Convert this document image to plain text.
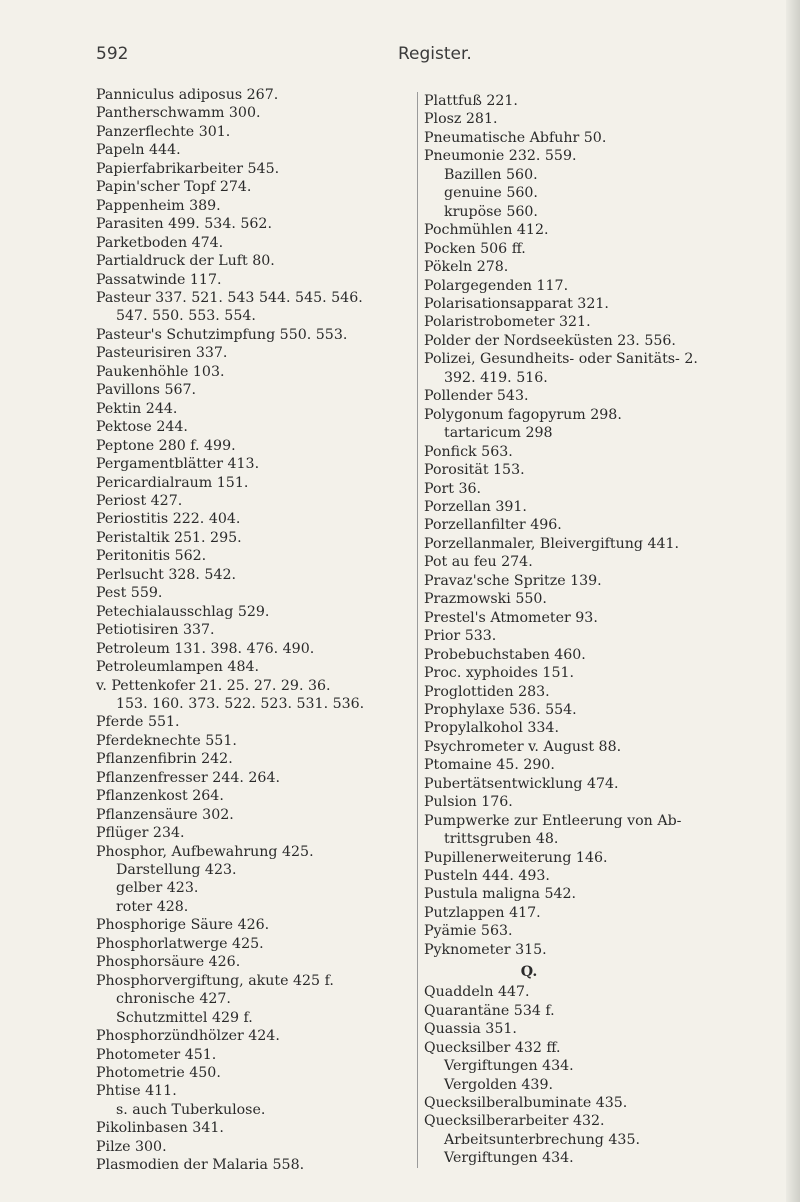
592	Register.
Panniculus adiposus 267.
Pantherschwamm 300.
Panzerflechte 301.
Papeln 444.
Papierfabrikarbeiter 545.
Papin'scher Topf 274.
Pappenheim 389.
Parasiten 499. 534. 562.
Parketboden 474.
Partialdruck der Luft 80.
Passatwinde 117.
Pasteur 337. 521. 543 544. 545. 546.
547. 550. 553. 554.
Pasteur's Schutzimpfung 550. 553.
Pasteurisiren 337.
Paukenhöhle 103.
Pavillons 567.
Pektin 244.
Pektose 244.
Peptone 280 f. 499.
Pergamentblätter 413.
Pericardialraum 151.
Periost 427.
Periostitis 222. 404.
Peristaltik 251. 295.
Peritonitis 562.
Perlsucht 328. 542.
Pest 559.
Petechialausschlag 529.
Petiotisiren 337.
Petroleum 131. 398. 476. 490.
Petroleumlampen 484.
v. Pettenkofer 21. 25. 27. 29. 36.
153. 160. 373. 522. 523. 531. 536.
Pferde 551.
Pferdeknechte 551.
Pflanzenfibrin 242.
Pflanzenfresser 244. 264.
Pflanzenkost 264.
Pflanzensäure 302.
Pflüger 234.
Phosphor, Aufbewahrung 425.
Darstellung 423.
gelber 423.
roter 428.
Phosphorige Säure 426.
Phosphorlatwerge 425.
Phosphorsäure 426.
Phosphorvergiftung, akute 425 f.
chronische 427.
Schutzmittel 429 f.
Phosphorzündhölzer 424.
Photometer 451.
Photometrie 450.
Phtise 411.
s. auch Tuberkulose.
Pikolinbasen 341.
Pilze 300.
Plasmodien der Malaria 558.
Plattfuß 221.
Plosz 281.
Pneumatische Abfuhr 50.
Pneumonie 232. 559.
Bazillen 560.
genuine 560.
krupöse 560.
Pochmühlen 412.
Pocken 506 ff.
Pökeln 278.
Polargegenden 117.
Polarisationsapparat 321.
Polaristrobometer 321.
Polder der Nordseeküsten 23. 556.
Polizei, Gesundheits- oder Sanitäts- 2.
392. 419. 516.
Pollender 543.
Polygonum fagopyrum 298.
tartaricum 298
Ponfick 563.
Porosität 153.
Port 36.
Porzellan 391.
Porzellanfilter 496.
Porzellanmaler, Bleivergiftung 441.
Pot au feu 274.
Pravaz'sche Spritze 139.
Prazmowski 550.
Prestel's Atmometer 93.
Prior 533.
Probebuchstaben 460.
Proc. xyphoides 151.
Proglottiden 283.
Prophylaxe 536. 554.
Propylalkohol 334.
Psychrometer v. August 88.
Ptomaine 45. 290.
Pubertätsentwicklung 474.
Pulsion 176.
Pumpwerke zur Entleerung von Ab-
trittsgruben 48.
Pupillenerweiterung 146.
Pusteln 444. 493.
Pustula maligna 542.
Putzlappen 417.
Pyämie 563.
Pyknometer 315.
Q.
Quaddeln 447.
Quarantäne 534 f.
Quassia 351.
Quecksilber 432 ff.
Vergiftungen 434.
Vergolden 439.
Quecksilberalbuminate 435.
Quecksilberarbeiter 432.
Arbeitsunterbrechung 435.
Vergiftungen 434.
